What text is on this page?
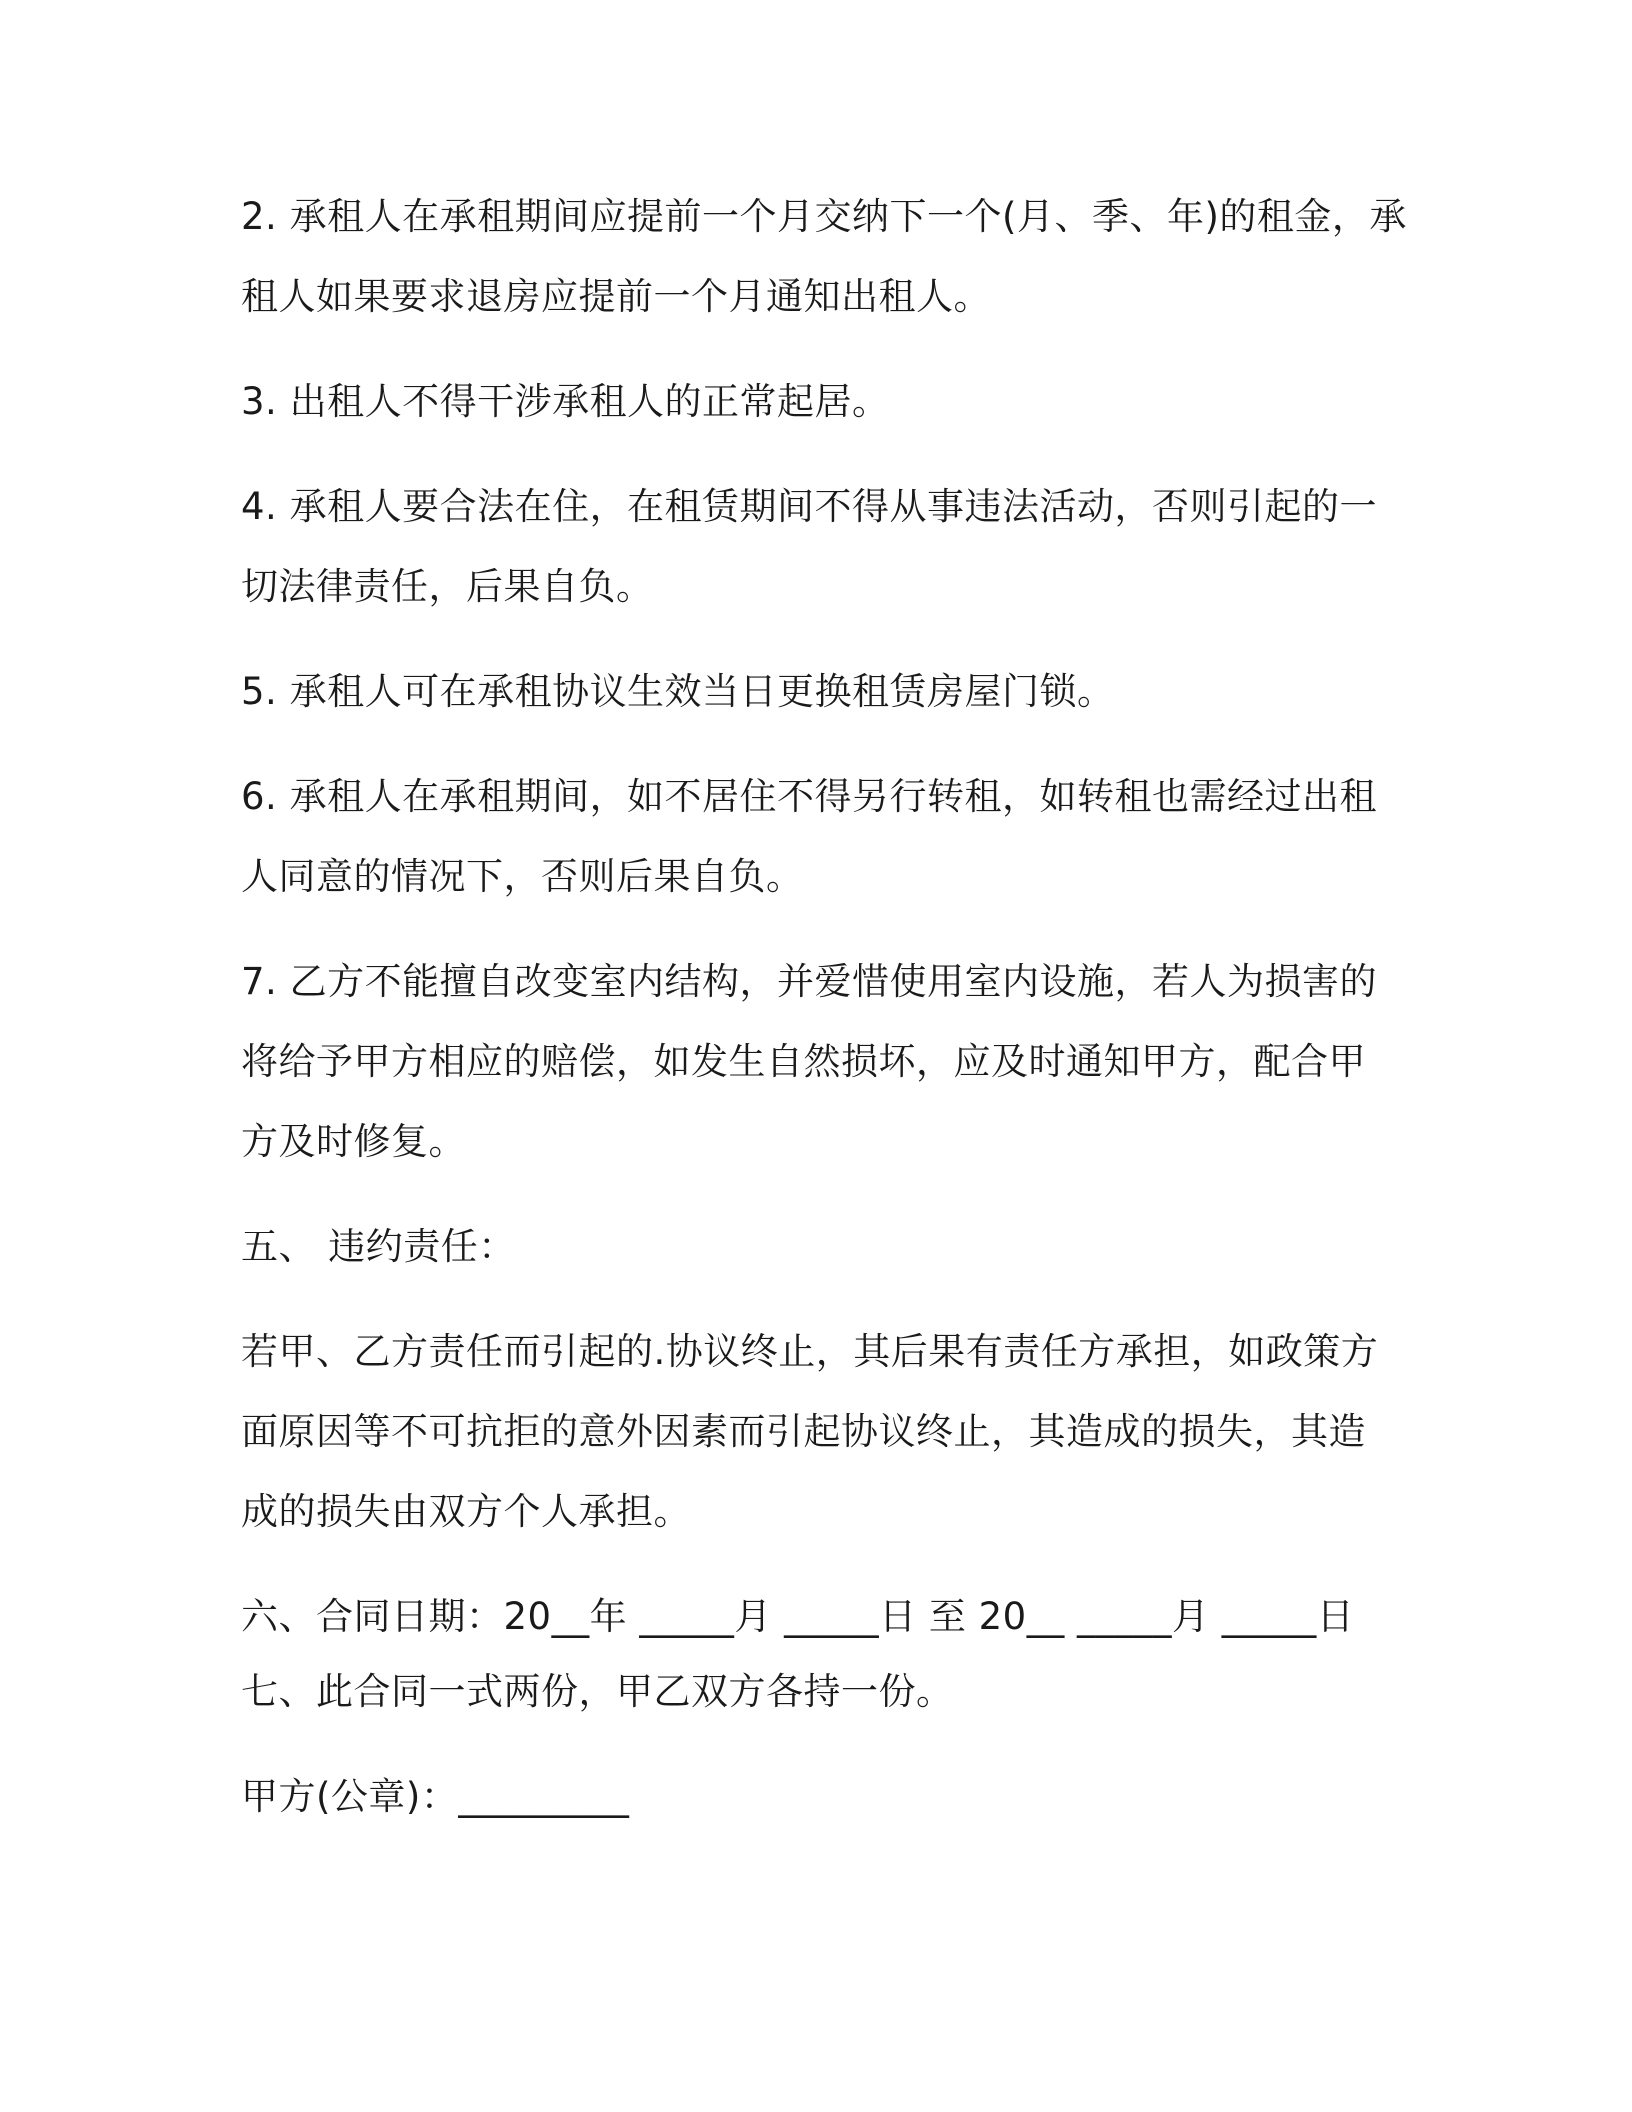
2. 承租人在承租期间应提前一个月交纳下一个(月、季、年)的租金，承
租人如果要求退房应提前一个月通知出租人。
3. 出租人不得干涉承租人的正常起居。
4. 承租人要合法在住，在租赁期间不得从事违法活动，否则引起的一
切法律责任，后果自负。
5. 承租人可在承租协议生效当日更换租赁房屋门锁。
6. 承租人在承租期间，如不居住不得另行转租，如转租也需经过出租
人同意的情况下，否则后果自负。
7. 乙方不能擅自改变室内结构，并爱惜使用室内设施，若人为损害的
将给予甲方相应的赔偿，如发生自然损坏，应及时通知甲方，配合甲
方及时修复。
五、 违约责任：
若甲、乙方责任而引起的.协议终止，其后果有责任方承担，如政策方
面原因等不可抗拒的意外因素而引起协议终止，其造成的损失，其造
成的损失由双方个人承担。
六、合同日期：20__年 _____月 _____日 至 20__ _____月 _____日
七、此合同一式两份，甲乙双方各持一份。
甲方(公章)：_________
